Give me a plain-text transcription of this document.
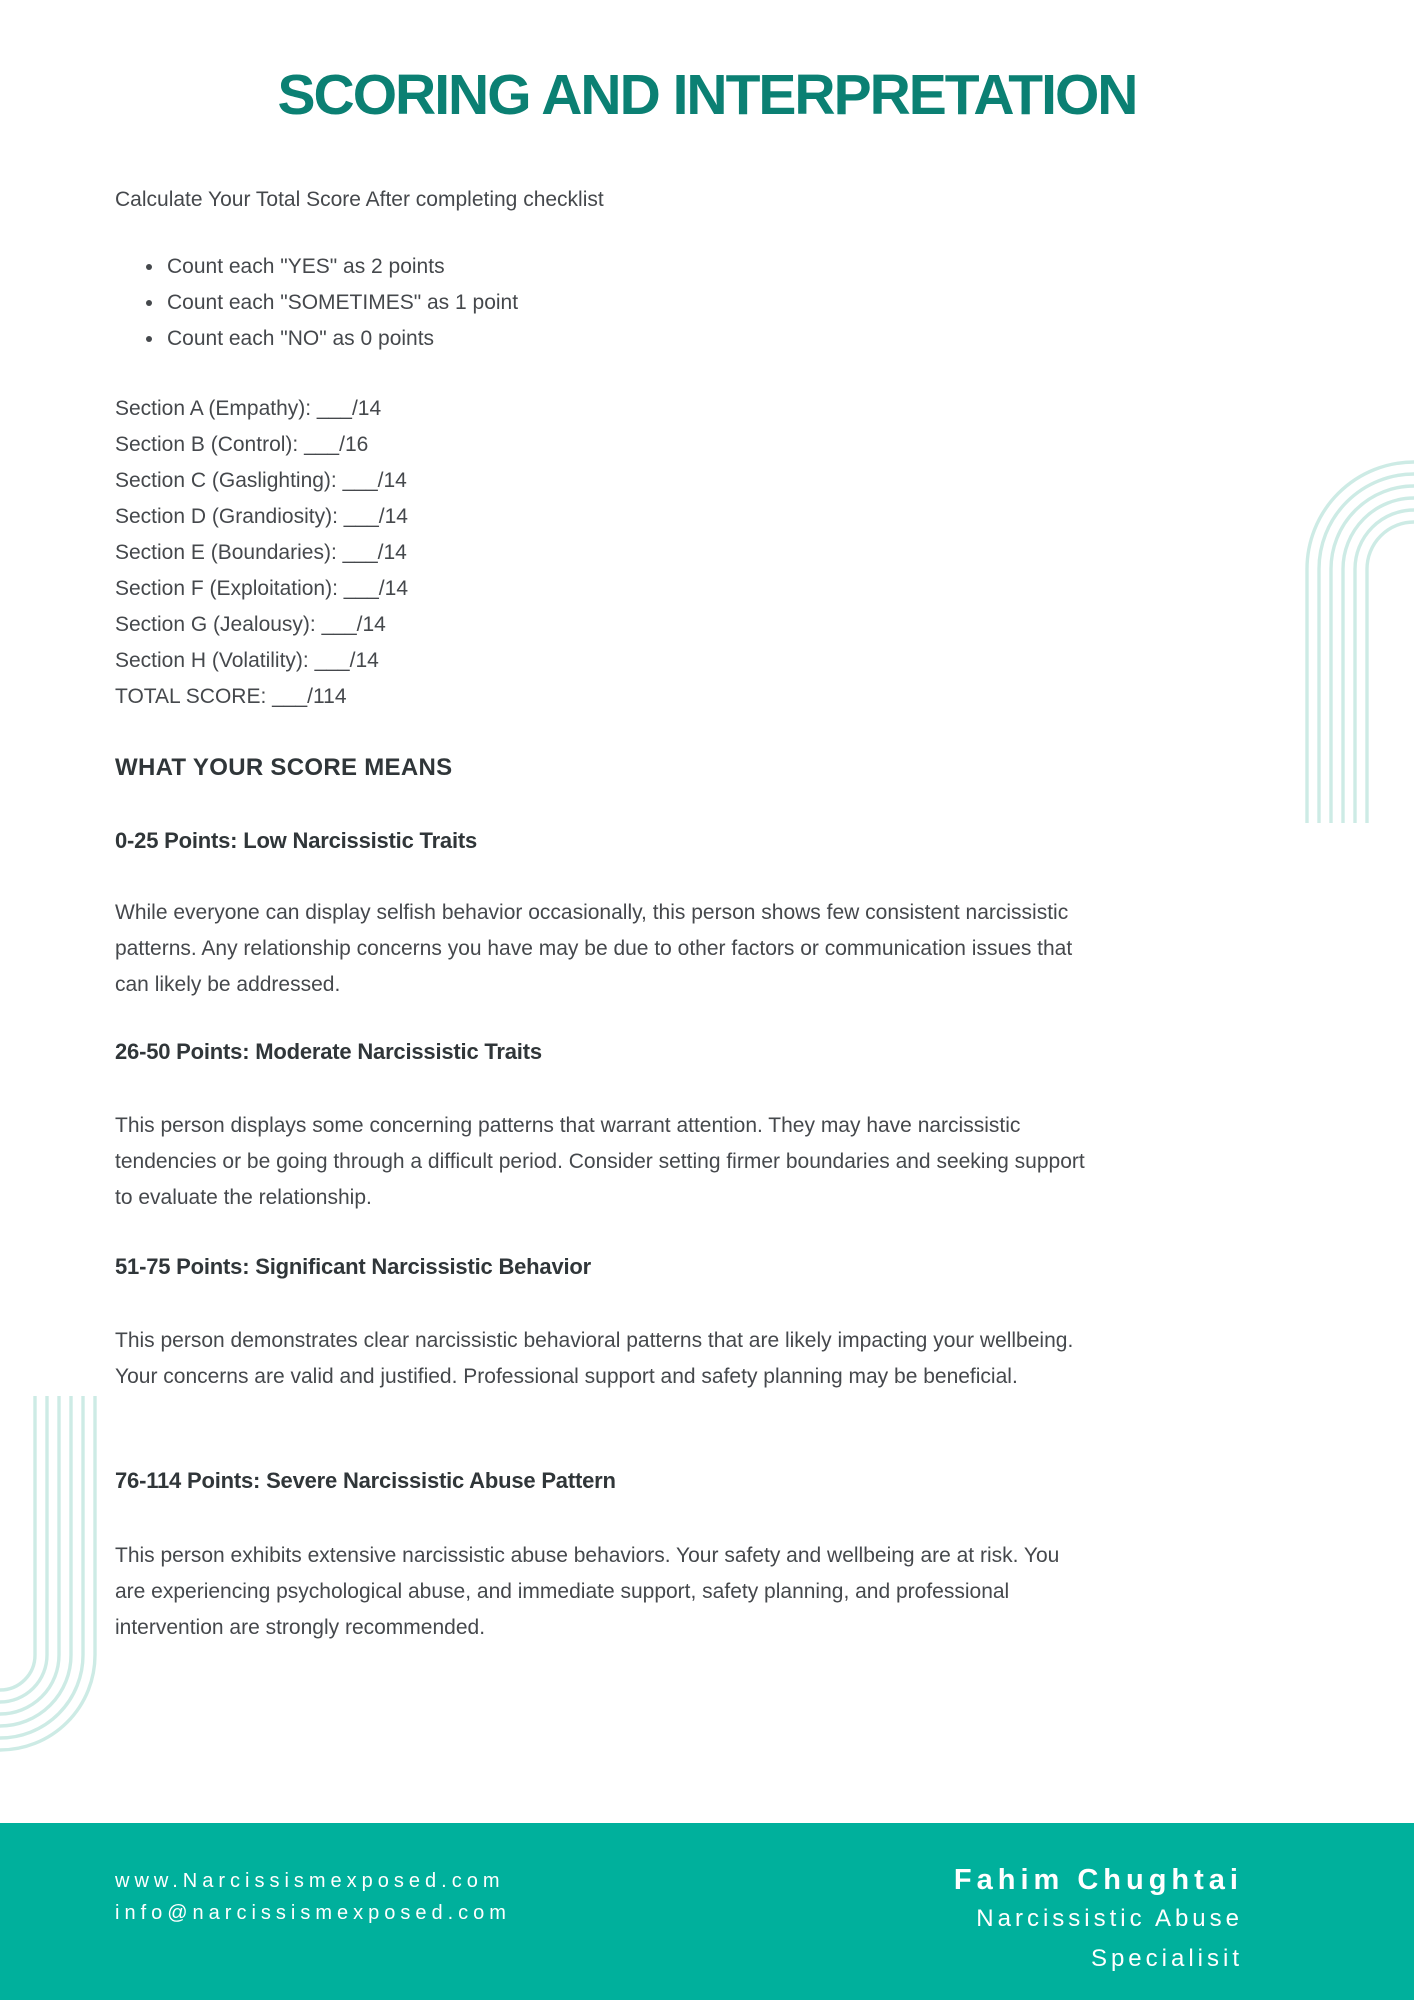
SCORING AND INTERPRETATION
Calculate Your Total Score After completing checklist
Count each "YES" as 2 points
Count each "SOMETIMES" as 1 point
Count each "NO" as 0 points
Section A (Empathy): ___/14
Section B (Control): ___/16
Section C (Gaslighting): ___/14
Section D (Grandiosity): ___/14
Section E (Boundaries): ___/14
Section F (Exploitation): ___/14
Section G (Jealousy): ___/14
Section H (Volatility): ___/14
TOTAL SCORE: ___/114
WHAT YOUR SCORE MEANS
0-25 Points: Low Narcissistic Traits

While everyone can display selfish behavior occasionally, this person shows few consistent narcissistic patterns. Any relationship concerns you have may be due to other factors or communication issues that can likely be addressed.

26-50 Points: Moderate Narcissistic Traits

This person displays some concerning patterns that warrant attention. They may have narcissistic tendencies or be going through a difficult period. Consider setting firmer boundaries and seeking support to evaluate the relationship.

51-75 Points: Significant Narcissistic Behavior

This person demonstrates clear narcissistic behavioral patterns that are likely impacting your wellbeing. Your concerns are valid and justified. Professional support and safety planning may be beneficial.

76-114 Points: Severe Narcissistic Abuse Pattern

This person exhibits extensive narcissistic abuse behaviors. Your safety and wellbeing are at risk. You are experiencing psychological abuse, and immediate support, safety planning, and professional intervention are strongly recommended.

www.Narcissismexposed.com
info@narcissismexposed.com
Fahim Chughtai
Narcissistic Abuse
Specialisit
